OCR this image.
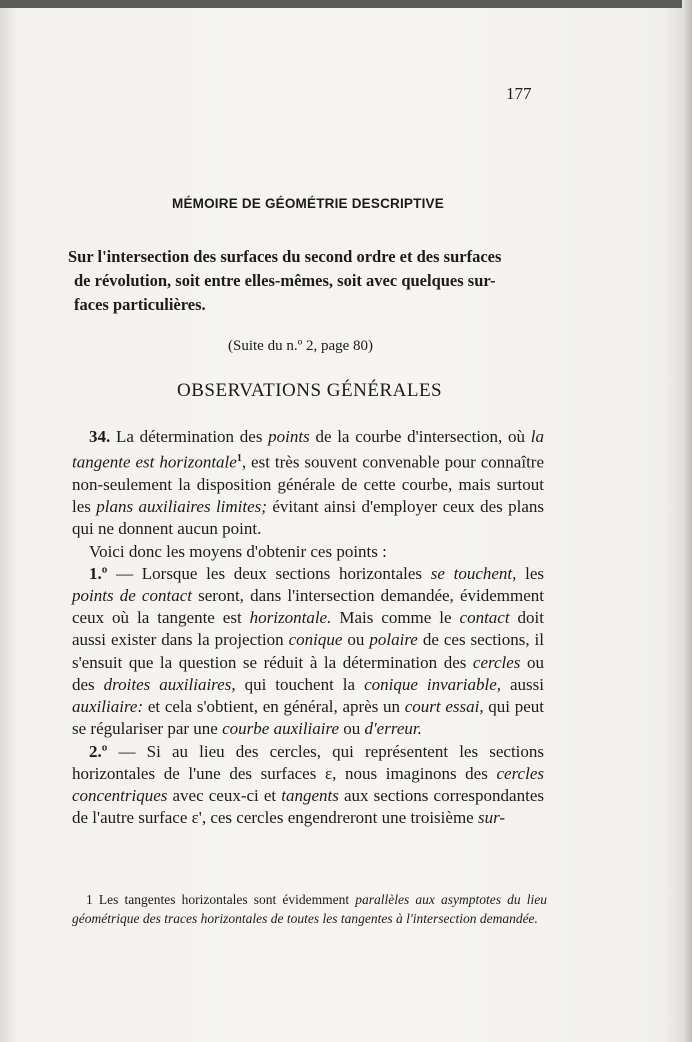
177
MÉMOIRE DE GÉOMÉTRIE DESCRIPTIVE
Sur l'intersection des surfaces du second ordre et des surfaces
de révolution, soit entre elles-mêmes, soit avec quelques sur-
faces particulières.
(Suite du n.º 2, page 80)
OBSERVATIONS GÉNÉRALES

34. La détermination des points de la courbe d'intersection, où la tangente est horizontale$^1$, est très souvent convenable pour connaître non-seulement la disposition générale de cette courbe, mais surtout les plans auxiliaires limites; évitant ainsi d'employer ceux des plans qui ne donnent aucun point.

Voici donc les moyens d'obtenir ces points :

1.º — Lorsque les deux sections horizontales se touchent, les points de contact seront, dans l'intersection demandée, évidemment ceux où la tangente est horizontale. Mais comme le contact doit aussi exister dans la projection conique ou polaire de ces sections, il s'ensuit que la question se réduit à la détermination des cercles ou des droites auxiliaires, qui touchent la conique invariable, aussi auxiliaire: et cela s'obtient, en général, après un court essai, qui peut se régulariser par une courbe auxiliaire ou d'erreur.

2.º — Si au lieu des cercles, qui représentent les sections horizontales de l'une des surfaces ε, nous imaginons des cercles concentriques avec ceux-ci et tangents aux sections correspondantes de l'autre surface ε', ces cercles engendreront une troisième sur-

1 Les tangentes horizontales sont évidemment parallèles aux asymptotes du lieu géométrique des traces horizontales de toutes les tangentes à l'intersection demandée.
